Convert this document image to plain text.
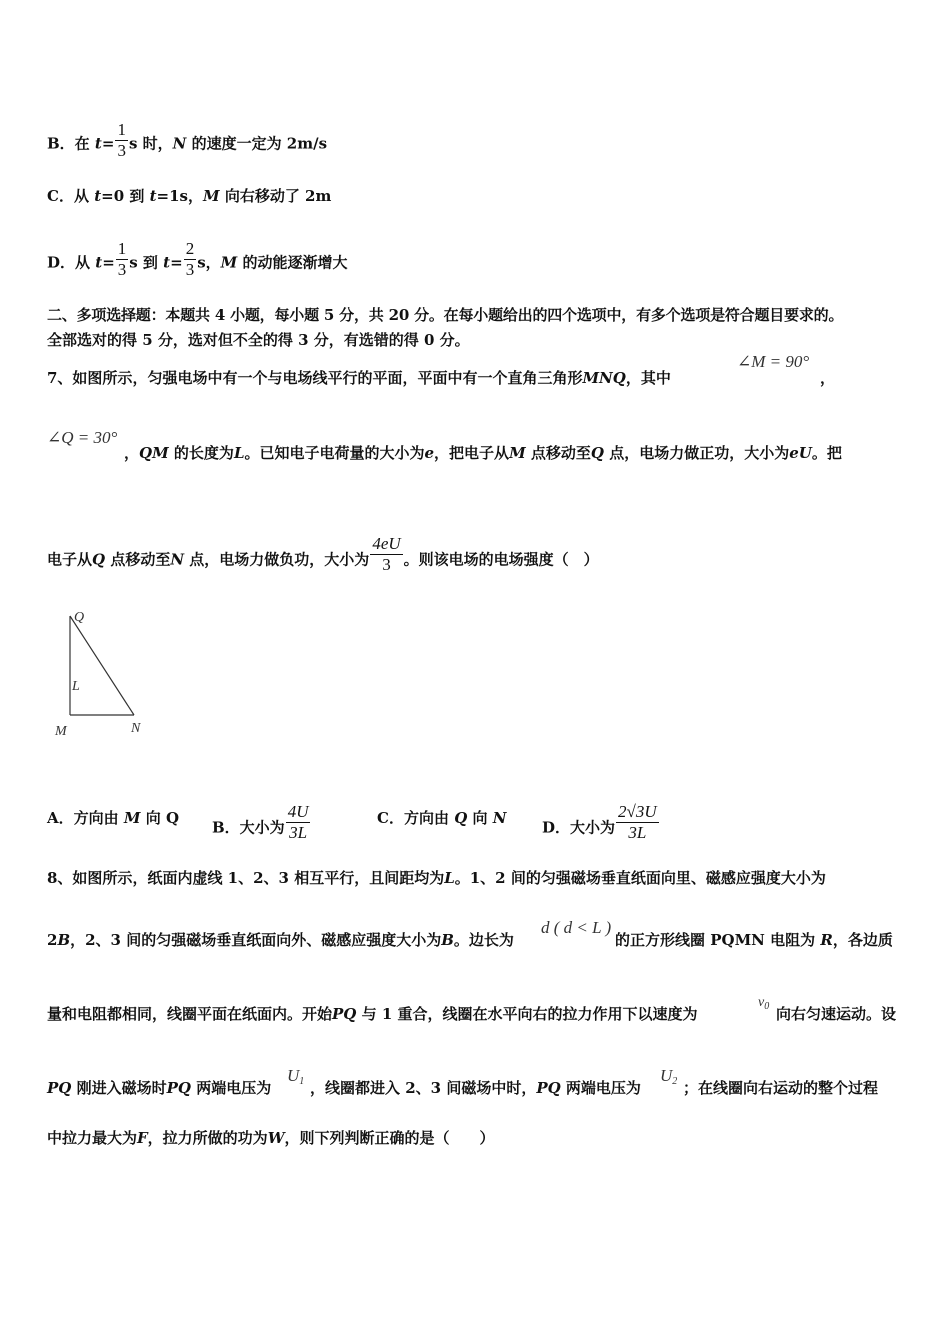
B．在 $t= \frac{1}{3}$ s 时，N 的速度一定为 2m/s
C．从 t=0 到 t=1s，M 向右移动了 2m
D．从 $t= \frac{1}{3}$ s 到 $t= \frac{2}{3}$ s，M 的动能逐渐增大
二、多项选择题：本题共 4 小题，每小题 5 分，共 20 分。在每小题给出的四个选项中，有多个选项是符合题目要求的。
全部选对的得 5 分，选对但不全的得 3 分，有选错的得 0 分。
7、如图所示，匀强电场中有一个与电场线平行的平面，平面中有一个直角三角形MNQ，其中
∠M = 90°
，
∠Q = 30°
，QM 的长度为L。已知电子电荷量的大小为e，把电子从M 点移动至Q 点，电场力做正功，大小为eU。把
电子从Q 点移动至N 点，电场力做负功，大小为 $\frac{4eU}{3}$ 。则该电场的电场强度（　）
Q
L
M	N
A．方向由 M 向 Q
B．大小为 $\frac{4U}{3L}$	C．方向由 Q 向 N
D．大小为 $\frac{2√3U}{3L}$
8、如图所示，纸面内虚线 1、2、3 相互平行，且间距均为L。1、2 间的匀强磁场垂直纸面向里、磁感应强度大小为
2B，2、3 间的匀强磁场垂直纸面向外、磁感应强度大小为B。边长为
d ( d < L )
的正方形线圈 PQMN 电阻为 R，各边质
量和电阻都相同，线圈平面在纸面内。开始PQ 与 1 重合，线圈在水平向右的拉力作用下以速度为
$v_0$ 向右匀速运动。设
PQ 刚进入磁场时PQ 两端电压为
$U_1$ ，线圈都进入 2、3 间磁场中时，PQ 两端电压为
$U_2$ ；在线圈向右运动的整个过程
中拉力最大为F，拉力所做的功为W，则下列判断正确的是（　　）
